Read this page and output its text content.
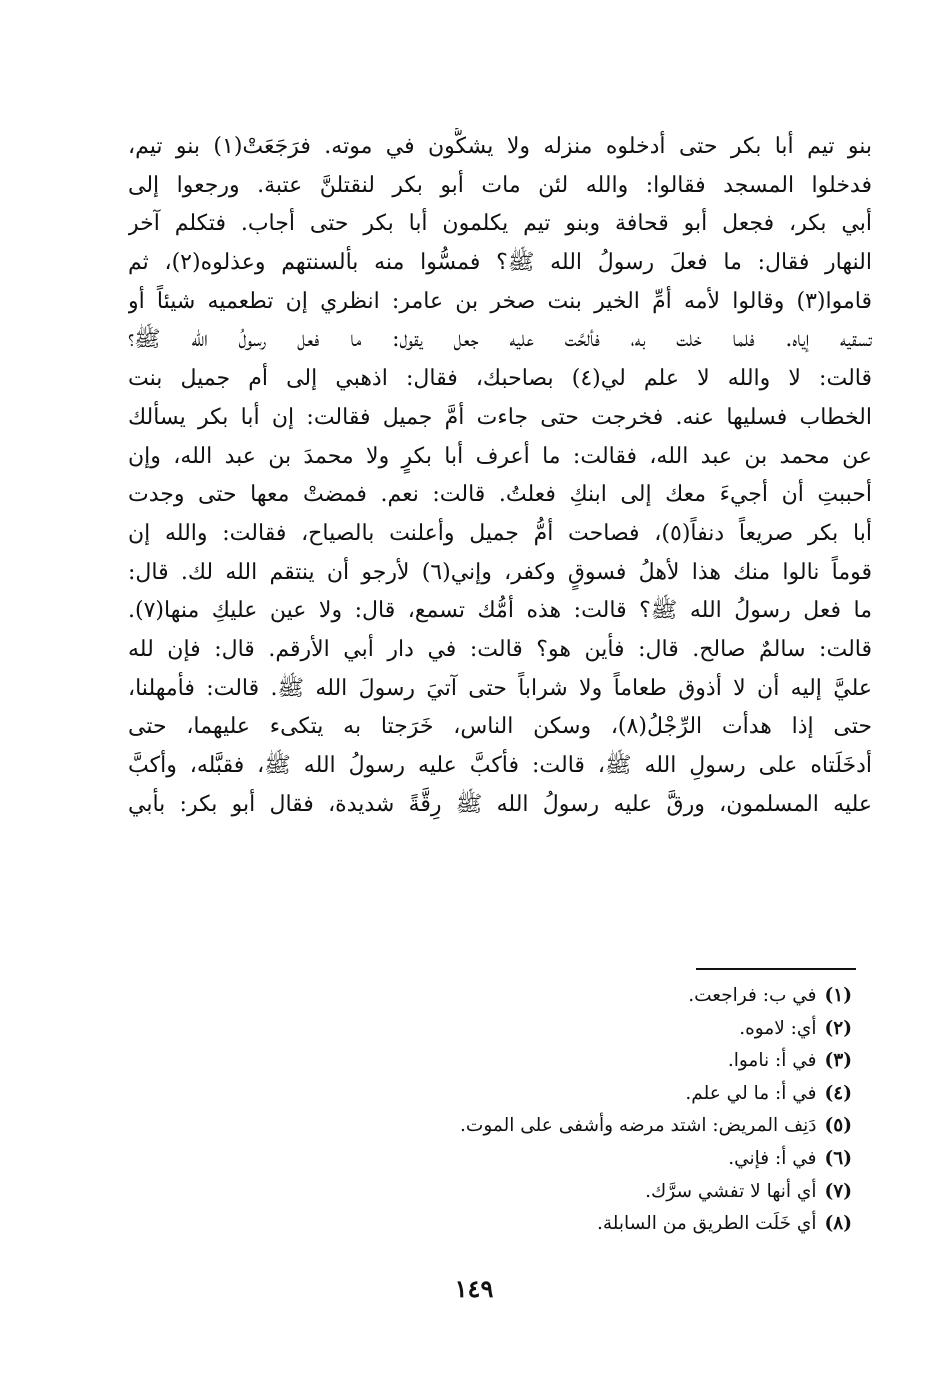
بنو تيم أبا بكر حتى أدخلوه منزله ولا يشكُّون في موته. فرَجَعَتْ(١) بنو تيم،
فدخلوا المسجد فقالوا: والله لئن مات أبو بكر لنقتلنَّ عتبة. ورجعوا إلى
أبي بكر، فجعل أبو قحافة وبنو تيم يكلمون أبا بكر حتى أجاب. فتكلم آخر
النهار فقال: ما فعلَ رسولُ الله ﷺ؟ فمسُّوا منه بألسنتهم وعذلوه(٢)، ثم
قاموا(٣) وقالوا لأمه أمِّ الخير بنت صخر بن عامر: انظري إن تطعميه شيئاً أو
تسقيه إياه. فلما خلت به، فألحَّت عليه جعل يقول: ما فعل رسولُ الله ﷺ؟
قالت: لا والله لا علم لي(٤) بصاحبك، فقال: اذهبي إلى أم جميل بنت
الخطاب فسليها عنه. فخرجت حتى جاءت أمَّ جميل فقالت: إن أبا بكر يسألك
عن محمد بن عبد الله، فقالت: ما أعرف أبا بكرٍ ولا محمدَ بن عبد الله، وإن
أحببتِ أن أجيءَ معك إلى ابنكِ فعلتُ. قالت: نعم. فمضتْ معها حتى وجدت
أبا بكر صريعاً دنفاً(٥)، فصاحت أمُّ جميل وأعلنت بالصياح، فقالت: والله إن
قوماً نالوا منك هذا لأهلُ فسوقٍ وكفر، وإني(٦) لأرجو أن ينتقم الله لك. قال:
ما فعل رسولُ الله ﷺ؟ قالت: هذه أمُّك تسمع، قال: ولا عين عليكِ منها(٧).
قالت: سالمٌ صالح. قال: فأين هو؟ قالت: في دار أبي الأرقم. قال: فإن لله
عليَّ إليه أن لا أذوق طعاماً ولا شراباً حتى آتيَ رسولَ الله ﷺ. قالت: فأمهلنا،
حتى إذا هدأت الرِّجْلُ(٨)، وسكن الناس، خَرَجتا به يتكىء عليهما، حتى
أدخَلَتاه على رسولِ الله ﷺ، قالت: فأكبَّ عليه رسولُ الله ﷺ، فقبَّله، وأكبَّ
عليه المسلمون، ورقَّ عليه رسولُ الله ﷺ رِقَّةً شديدة، فقال أبو بكر: بأبي
(١)في ب: فراجعت.
(٢)أي: لاموه.
(٣)في أ: ناموا.
(٤)في أ: ما لي علم.
(٥)دَنِف المريض: اشتد مرضه وأشفى على الموت.
(٦)في أ: فإني.
(٧)أي أنها لا تفشي سرَّك.
(٨)أي خَلَت الطريق من السابلة.
١٤٩
